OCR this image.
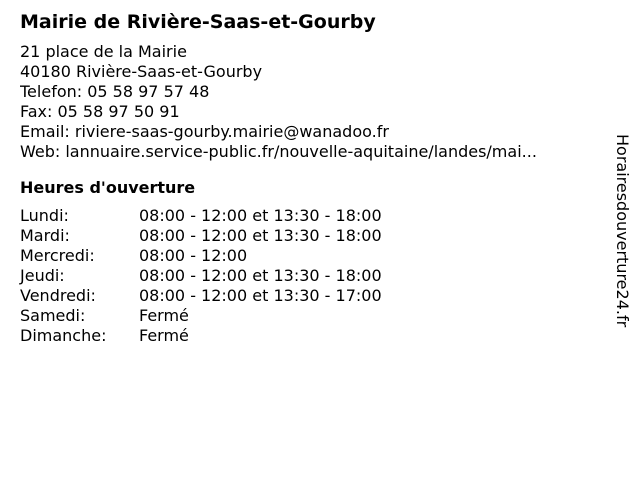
Mairie de Rivière-Saas-et-Gourby
21 place de la Mairie
40180 Rivière-Saas-et-Gourby
Telefon: 05 58 97 57 48
Fax: 05 58 97 50 91
Email: riviere-saas-gourby.mairie@wanadoo.fr
Web: lannuaire.service-public.fr/nouvelle-aquitaine/landes/mai...
Heures d'ouverture
Lundi:	08:00 - 12:00 et 13:30 - 18:00
Mardi:	08:00 - 12:00 et 13:30 - 18:00
Mercredi:	08:00 - 12:00
Jeudi:	08:00 - 12:00 et 13:30 - 18:00
Vendredi:	08:00 - 12:00 et 13:30 - 17:00
Samedi:	Fermé
Dimanche:	Fermé
Horairesdouverture24.fr
